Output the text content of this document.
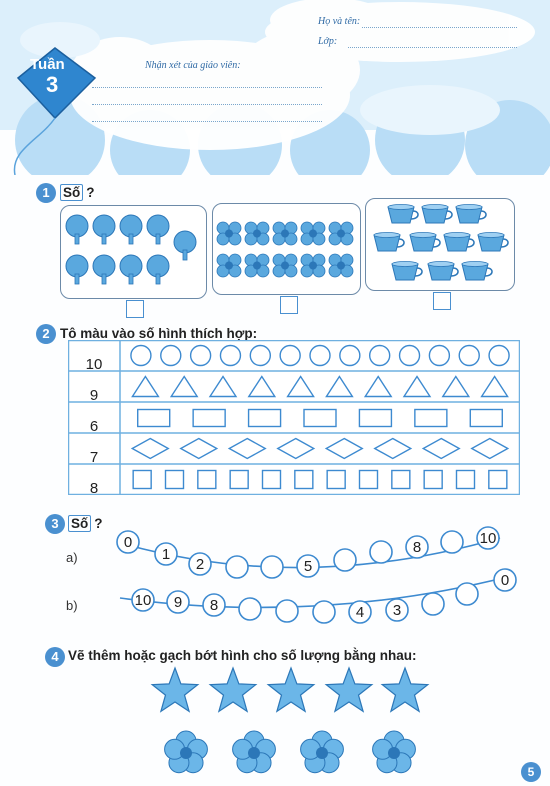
Tuần
3
Nhận xét của giáo viên:
Họ và tên:
Lớp:
1 Số ?
2 Tô màu vào số hình thích hợp:
10
9
6
7
8
3 Số ?
a)
b)
0
1
2	5
8
10
10 9 8	4 3
0
4 Vẽ thêm hoặc gạch bớt hình cho số lượng bằng nhau:
5
